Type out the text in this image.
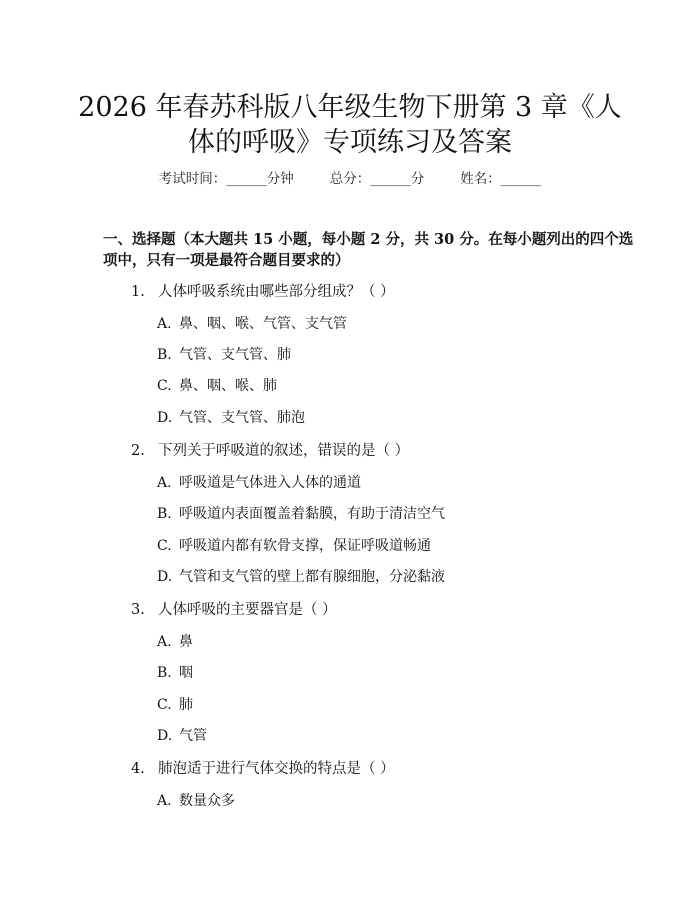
2026 年春苏科版八年级生物下册第 3 章《人
体的呼吸》专项练习及答案
考试时间：______分钟	总分：______分	姓名：______
一、选择题（本大题共 15 小题，每小题 2 分，共 30 分。在每小题列出的四个选
项中，只有一项是最符合题目要求的）
1. 人体呼吸系统由哪些部分组成？（ ）
A. 鼻、咽、喉、气管、支气管
B. 气管、支气管、肺
C. 鼻、咽、喉、肺
D. 气管、支气管、肺泡
2. 下列关于呼吸道的叙述，错误的是（ ）
A. 呼吸道是气体进入人体的通道
B. 呼吸道内表面覆盖着黏膜，有助于清洁空气
C. 呼吸道内都有软骨支撑，保证呼吸道畅通
D. 气管和支气管的壁上都有腺细胞，分泌黏液
3. 人体呼吸的主要器官是（ ）
A. 鼻
B. 咽
C. 肺
D. 气管
4. 肺泡适于进行气体交换的特点是（ ）
A. 数量众多
